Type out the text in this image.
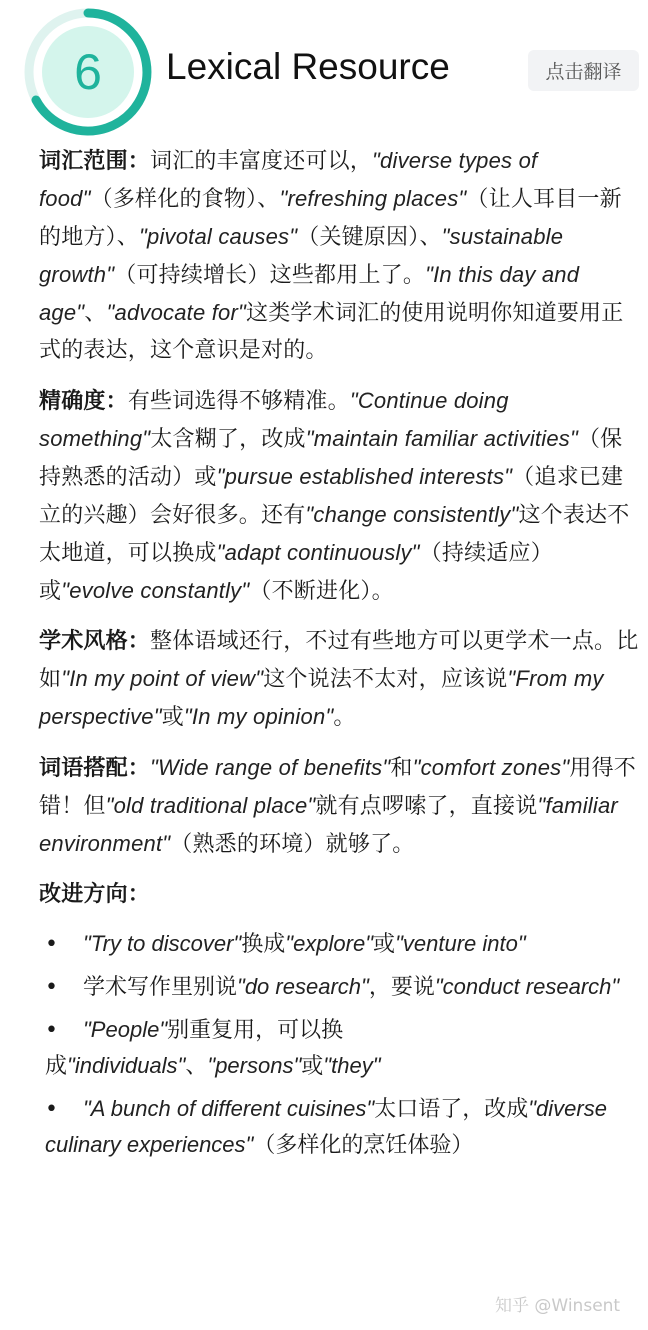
6	Lexical Resource	点击翻译

词汇范围：词汇的丰富度还可以，"diverse types of food"（多样化的食物）、"refreshing places"（让人耳目一新的地方）、"pivotal causes"（关键原因）、"sustainable growth"（可持续增长）这些都用上了。"In this day and age"、"advocate for"这类学术词汇的使用说明你知道要用正式的表达，这个意识是对的。

精确度：有些词选得不够精准。"Continue doing something"太含糊了，改成"maintain familiar activities"（保持熟悉的活动）或"pursue established interests"（追求已建立的兴趣）会好很多。还有"change consistently"这个表达不太地道，可以换成"adapt continuously"（持续适应）或"evolve constantly"（不断进化）。

学术风格：整体语域还行，不过有些地方可以更学术一点。比如"In my point of view"这个说法不太对，应该说"From my perspective"或"In my opinion"。

词语搭配："Wide range of benefits"和"comfort zones"用得不错！但"old traditional place"就有点啰嗦了，直接说"familiar environment"（熟悉的环境）就够了。

改进方向：

• "Try to discover"换成"explore"或"venture into"
• 学术写作里别说"do research"，要说"conduct research"
• "People"别重复用，可以换成"individuals"、"persons"或"they"
• "A bunch of different cuisines"太口语了，改成"diverse culinary experiences"（多样化的烹饪体验）
知乎 @Winsent
